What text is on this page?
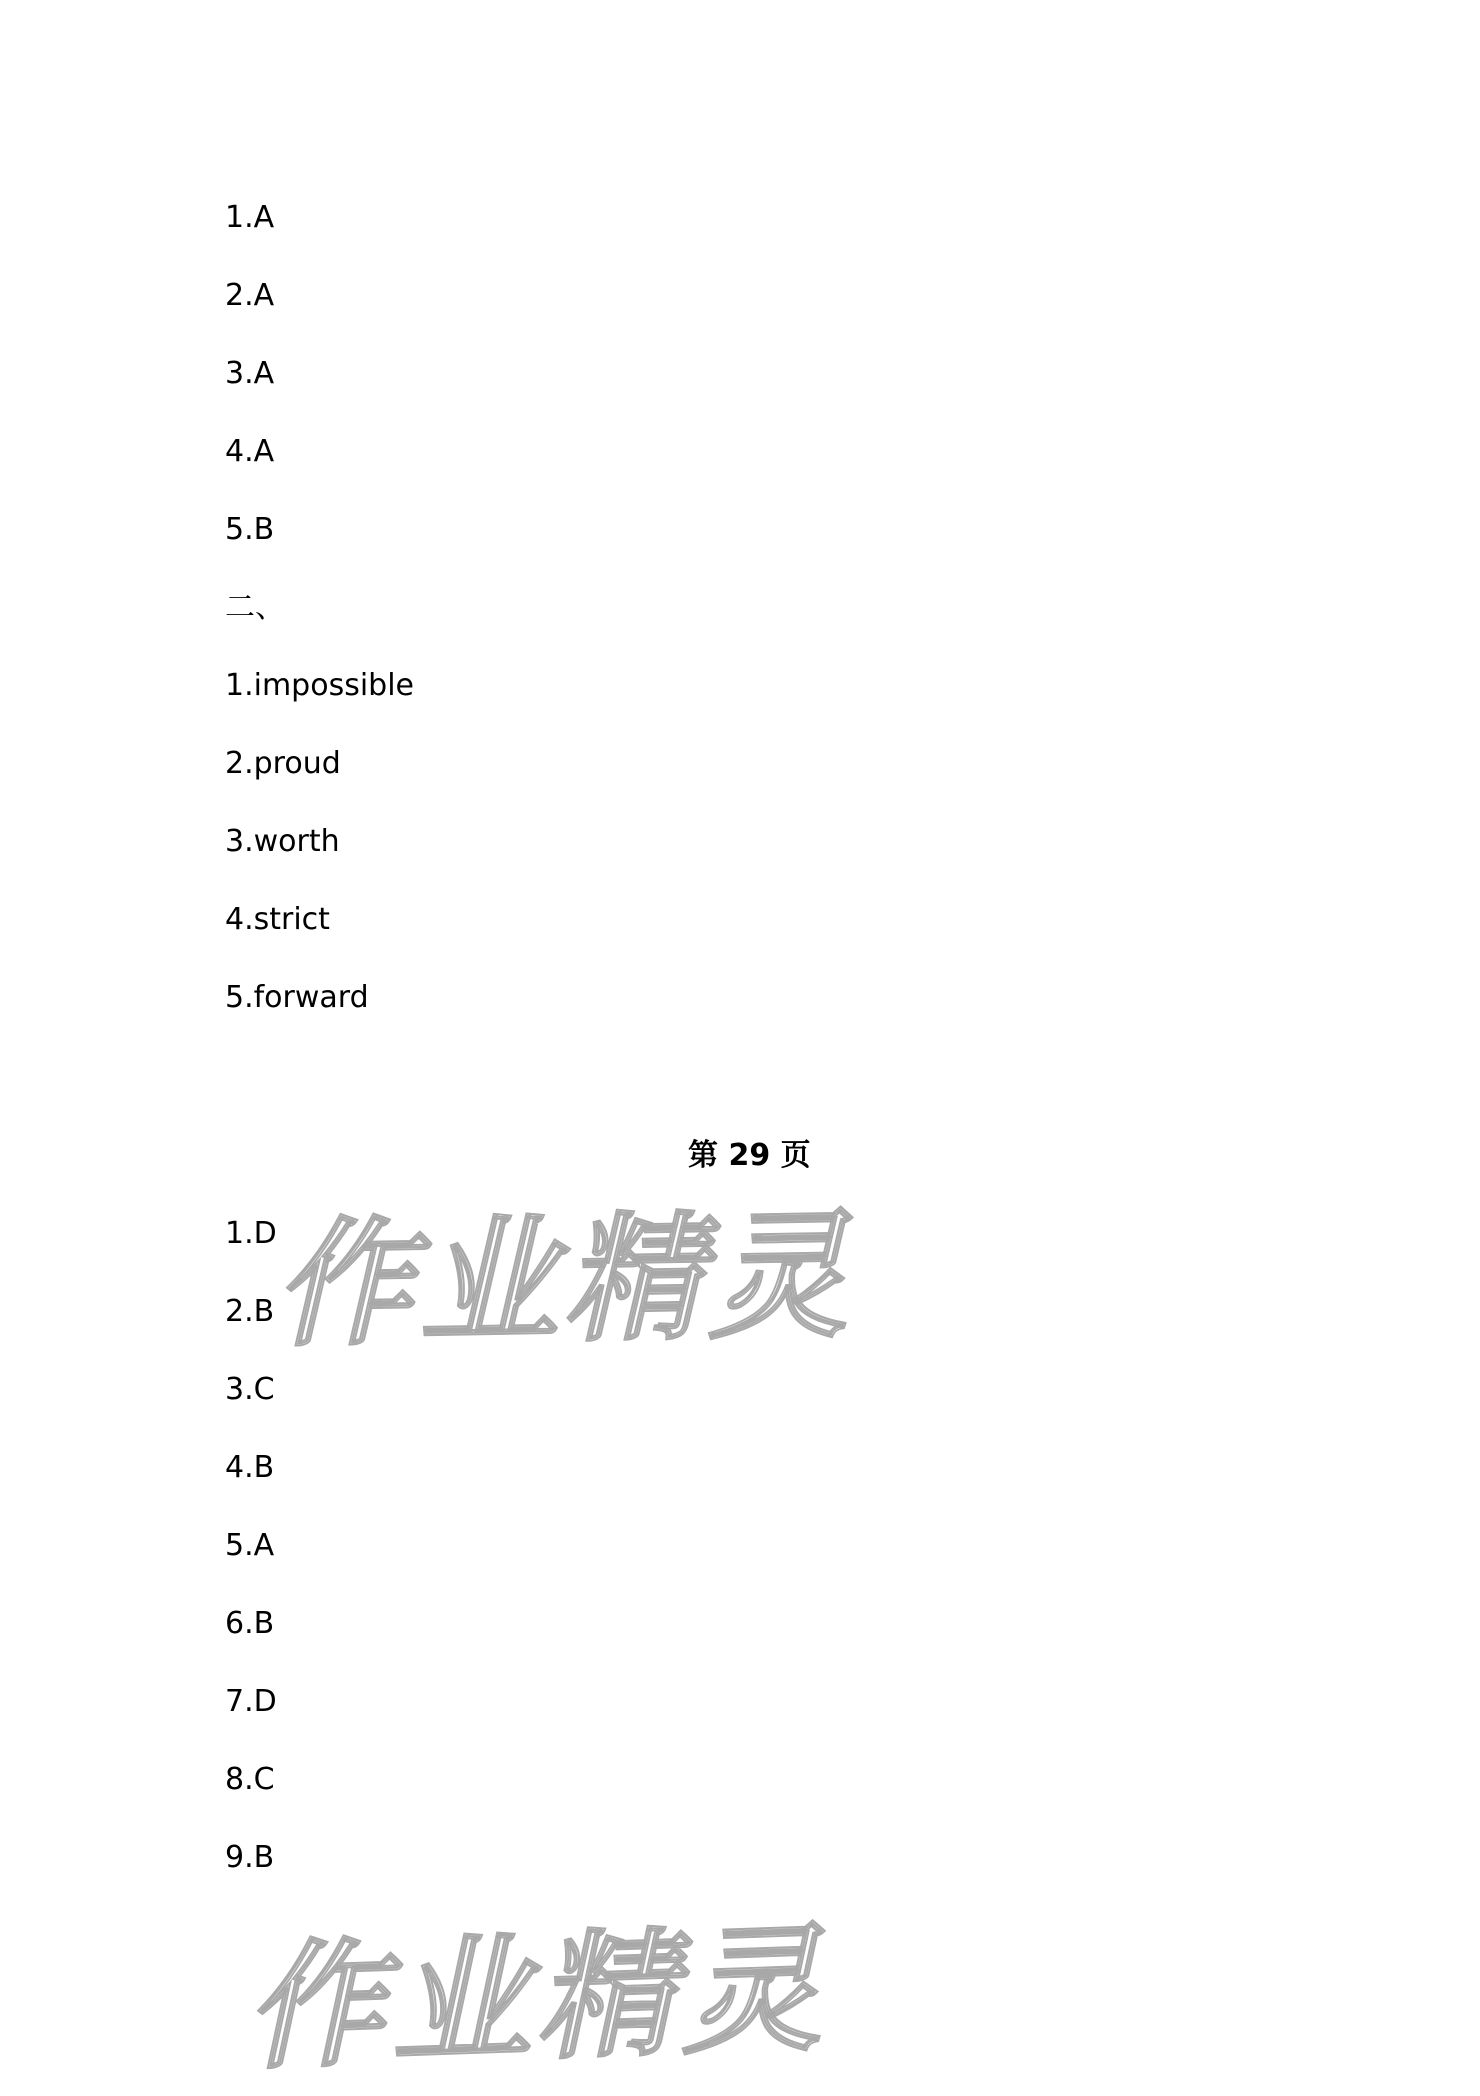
1.A
2.A
3.A
4.A
5.B
二、
1.impossible
2.proud
3.worth
4.strict
5.forward
第 29 页
1.D
2.B
3.C
4.B
5.A
6.B
7.D
8.C
9.B
作业精灵
作业精灵
